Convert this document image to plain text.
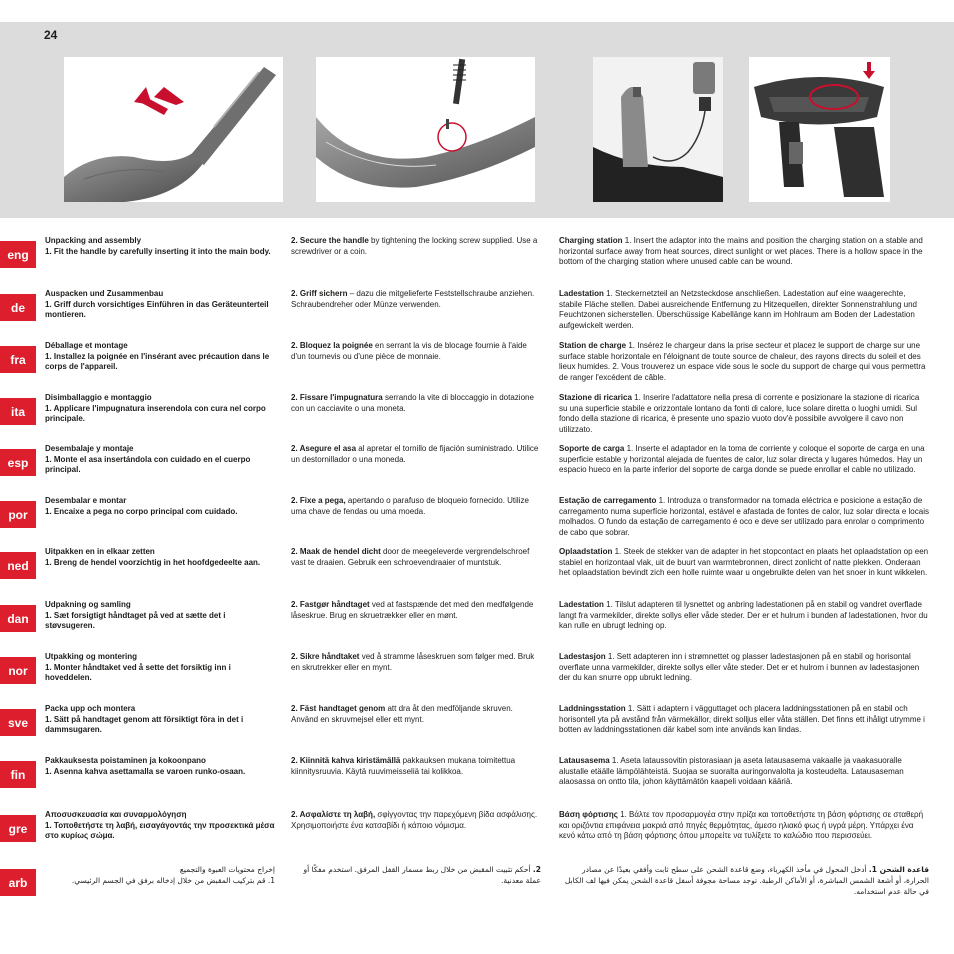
24
eng
Unpacking and assembly
1. Fit the handle by carefully inserting it into the main body.
2. Secure the handle by tightening the locking screw supplied. Use a screwdriver or a coin.
Charging station 1. Insert the adaptor into the mains and position the charging station on a stable and horizontal surface away from heat sources, direct sunlight or wet places. There is a hollow space in the bottom of the charging station where unused cable can be wound.
de
Auspacken und Zusammenbau
1. Griff durch vorsichtiges Einführen in das Geräteunterteil montieren.
2. Griff sichern – dazu die mitgelieferte Feststellschraube anziehen. Schraubendreher oder Münze verwenden.
Ladestation 1. Steckernetzteil an Netzsteckdose anschließen. Ladestation auf eine waagerechte, stabile Fläche stellen. Dabei ausreichende Entfernung zu Hitzequellen, direkter Sonnenstrahlung und Feuchtzonen sicherstellen. Überschüssige Kabellänge kann im Hohlraum am Boden der Ladestation aufgewickelt werden.
fra
Déballage et montage
1. Installez la poignée en l'insérant avec précaution dans le corps de l'appareil.
2. Bloquez la poignée en serrant la vis de blocage fournie à l'aide d'un tournevis ou d'une pièce de monnaie.
Station de charge 1. Insérez le chargeur dans la prise secteur et placez le support de charge sur une surface stable horizontale en l'éloignant de toute source de chaleur, des rayons directs du soleil et des lieux humides. 2. Vous trouverez un espace vide sous le socle du support de charge qui vous permettra de ranger l'excédent de câble.
ita
Disimballaggio e montaggio
1. Applicare l'impugnatura inserendola con cura nel corpo principale.
2. Fissare l'impugnatura serrando la vite di bloccaggio in dotazione con un cacciavite o una moneta.
Stazione di ricarica 1. Inserire l'adattatore nella presa di corrente e posizionare la stazione di ricarica su una superficie stabile e orizzontale lontano da fonti di calore, luce solare diretta o luoghi umidi. Sul fondo della stazione di ricarica, è presente uno spazio vuoto dov'è possibile avvolgere il cavo non utilizzato.
esp
Desembalaje y montaje
1. Monte el asa insertándola con cuidado en el cuerpo principal.
2. Asegure el asa al apretar el tornillo de fijación suministrado. Utilice un destornillador o una moneda.
Soporte de carga 1. Inserte el adaptador en la toma de corriente y coloque el soporte de carga en una superficie estable y horizontal alejada de fuentes de calor, luz solar directa y lugares húmedos. Hay un espacio hueco en la parte inferior del soporte de carga donde se puede enrollar el cable no utilizado.
por
Desembalar e montar
1. Encaixe a pega no corpo principal com cuidado.
2. Fixe a pega, apertando o parafuso de bloqueio fornecido. Utilize uma chave de fendas ou uma moeda.
Estação de carregamento 1. Introduza o transformador na tomada eléctrica e posicione a estação de carregamento numa superfície horizontal, estável e afastada de fontes de calor, luz solar directa e locais molhados. O fundo da estação de carregamento é oco e deve ser utilizado para enrolar o comprimento de cabo que sobrar.
ned
Uitpakken en in elkaar zetten
1. Breng de hendel voorzichtig in het hoofdgedeelte aan.
2. Maak de hendel dicht door de meegeleverde vergrendelschroef vast te draaien. Gebruik een schroevendraaier of muntstuk.
Oplaadstation 1. Steek de stekker van de adapter in het stopcontact en plaats het oplaadstation op een stabiel en horizontaal vlak, uit de buurt van warmtebronnen, direct zonlicht of natte plekken. Onderaan het oplaadstation bevindt zich een holle ruimte waar u ongebruikte delen van het snoer in kunt wikkelen.
dan
Udpakning og samling
1. Sæt forsigtigt håndtaget på ved at sætte det i støvsugeren.
2. Fastgør håndtaget ved at fastspænde det med den medfølgende låseskrue. Brug en skruetrækker eller en mønt.
Ladestation 1. Tilslut adapteren til lysnettet og anbring ladestationen på en stabil og vandret overflade langt fra varmekilder, direkte sollys eller våde steder. Der er et hulrum i bunden af ladestationen, hvor du kan rulle en ubrugt ledning op.
nor
Utpakking og montering
1. Monter håndtaket ved å sette det forsiktig inn i hoveddelen.
2. Sikre håndtaket ved å stramme låseskruen som følger med. Bruk en skrutrekker eller en mynt.
Ladestasjon 1. Sett adapteren inn i strømnettet og plasser ladestasjonen på en stabil og horisontal overflate unna varmekilder, direkte sollys eller våte steder. Det er et hulrom i bunnen av ladestasjonen der du kan snurre opp ubrukt ledning.
sve
Packa upp och montera
1. Sätt på handtaget genom att försiktigt föra in det i dammsugaren.
2. Fäst handtaget genom att dra åt den medföljande skruven. Använd en skruvmejsel eller ett mynt.
Laddningsstation 1. Sätt i adaptern i vägguttaget och placera laddningsstationen på en stabil och horisontell yta på avstånd från värmekällor, direkt solljus eller våta ställen. Det finns ett ihåligt utrymme i botten av laddningsstationen där kabel som inte används kan lindas.
fin
Pakkauksesta poistaminen ja kokoonpano
1. Asenna kahva asettamalla se varoen runko-osaan.
2. Kiinnitä kahva kiristämällä pakkauksen mukana toimitettua kiinnitysruuvia. Käytä ruuvimeisseliä tai kolikkoa.
Latausasema 1. Aseta lataussovitin pistorasiaan ja aseta latausasema vakaalle ja vaakasuoralle alustalle etäälle lämpölähteistä. Suojaa se suoralta auringonvalolta ja kosteudelta. Latausaseman alaosassa on ontto tila, johon käyttämätön kaapeli voidaan kääriä.
gre
Αποσυσκευασία και συναρμολόγηση
1. Τοποθετήστε τη λαβή, εισαγάγοντάς την προσεκτικά μέσα στο κυρίως σώμα.
2. Ασφαλίστε τη λαβή, σφίγγοντας την παρεχόμενη βίδα ασφάλισης. Χρησιμοποιήστε ένα κατσαβίδι ή κάποιο νόμισμα.
Βάση φόρτισης 1. Βάλτε τον προσαρμογέα στην πρίζα και τοποθετήστε τη βάση φόρτισης σε σταθερή και οριζόντια επιφάνεια μακριά από πηγές θερμότητας, άμεσο ηλιακό φως ή υγρά μέρη. Υπάρχει ένα κενό κάτω από τη βάση φόρτισης όπου μπορείτε να τυλίξετε το καλώδιο που περισσεύει.
arb
إخراج محتويات العبوة والتجميع
1. قم بتركيب المقبض من خلال إدخاله برفق في الجسم الرئيسي.
2. أحكم تثبيت المقبض من خلال ربط مسمار القفل المرفق. استخدم مفكًا أو عملة معدنية.
قاعدة الشحن 1. أدخل المحول في مأخذ الكهرباء، وضع قاعدة الشحن على سطح ثابت وأفقي بعيدًا عن مصادر الحرارة، أو أشعة الشمس المباشرة، أو الأماكن الرطبة. توجد مساحة مجوفة أسفل قاعدة الشحن يمكن فيها لف الكابل في حالة عدم استخدامه.
